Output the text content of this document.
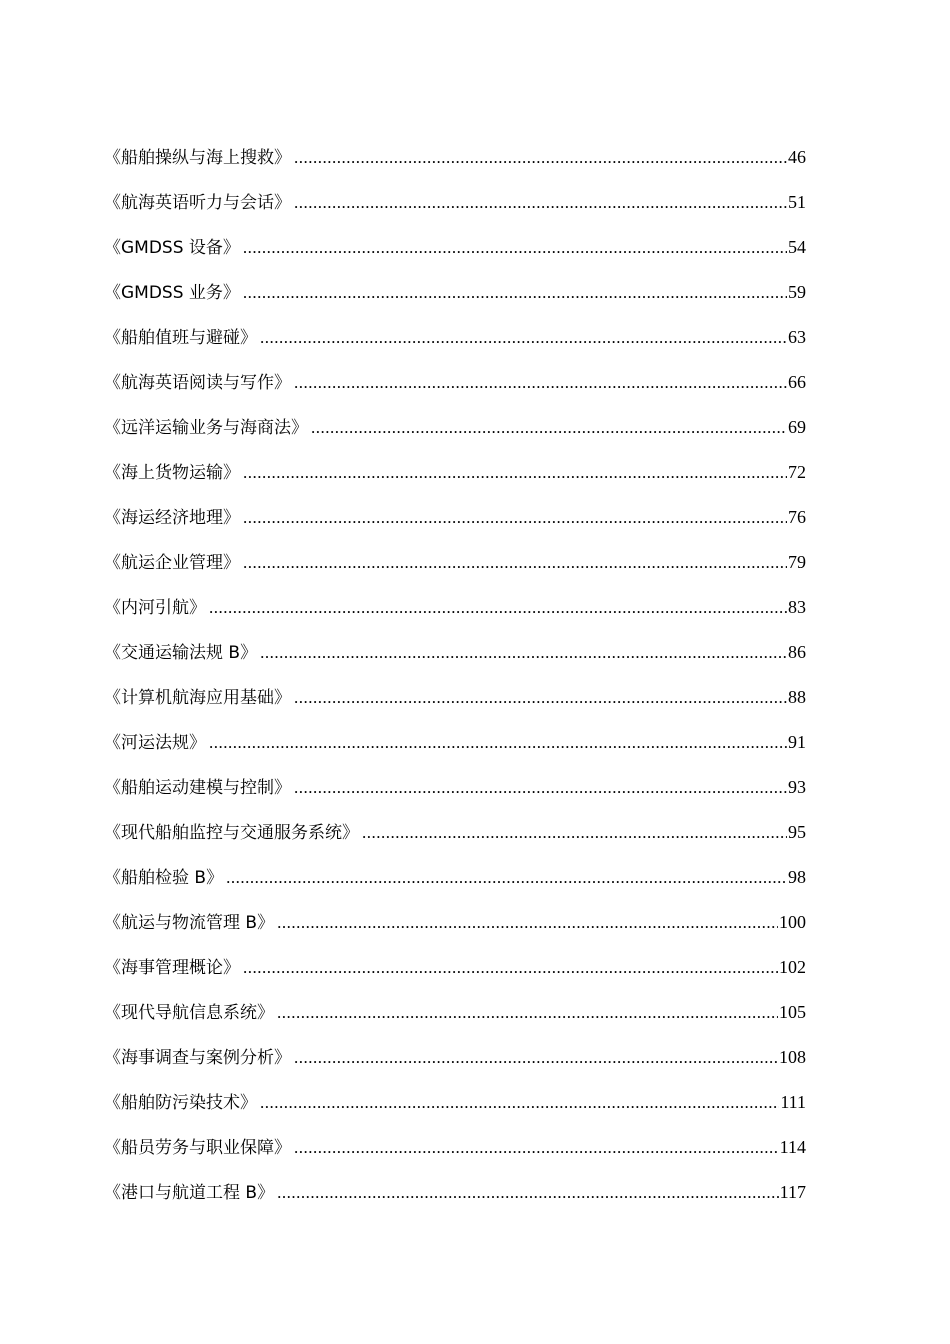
《船舶操纵与海上搜救》 .....	46
《航海英语听力与会话》 .....	51
《GMDSS 设备》 .....	54
《GMDSS 业务》 .....	59
《船舶值班与避碰》 .....	63
《航海英语阅读与写作》 .....	66
《远洋运输业务与海商法》 .....	69
《海上货物运输》 .....	72
《海运经济地理》 .....	76
《航运企业管理》 .....	79
《内河引航》 .....	83
《交通运输法规 B》 .....	86
《计算机航海应用基础》 .....	88
《河运法规》 .....	91
《船舶运动建模与控制》 .....	93
《现代船舶监控与交通服务系统》 .....	95
《船舶检验 B》 .....	98
《航运与物流管理 B》 .....	100
《海事管理概论》 .....	102
《现代导航信息系统》 .....	105
《海事调查与案例分析》 .....	108
《船舶防污染技术》 .....	111
《船员劳务与职业保障》 .....	114
《港口与航道工程 B》 .....	117
